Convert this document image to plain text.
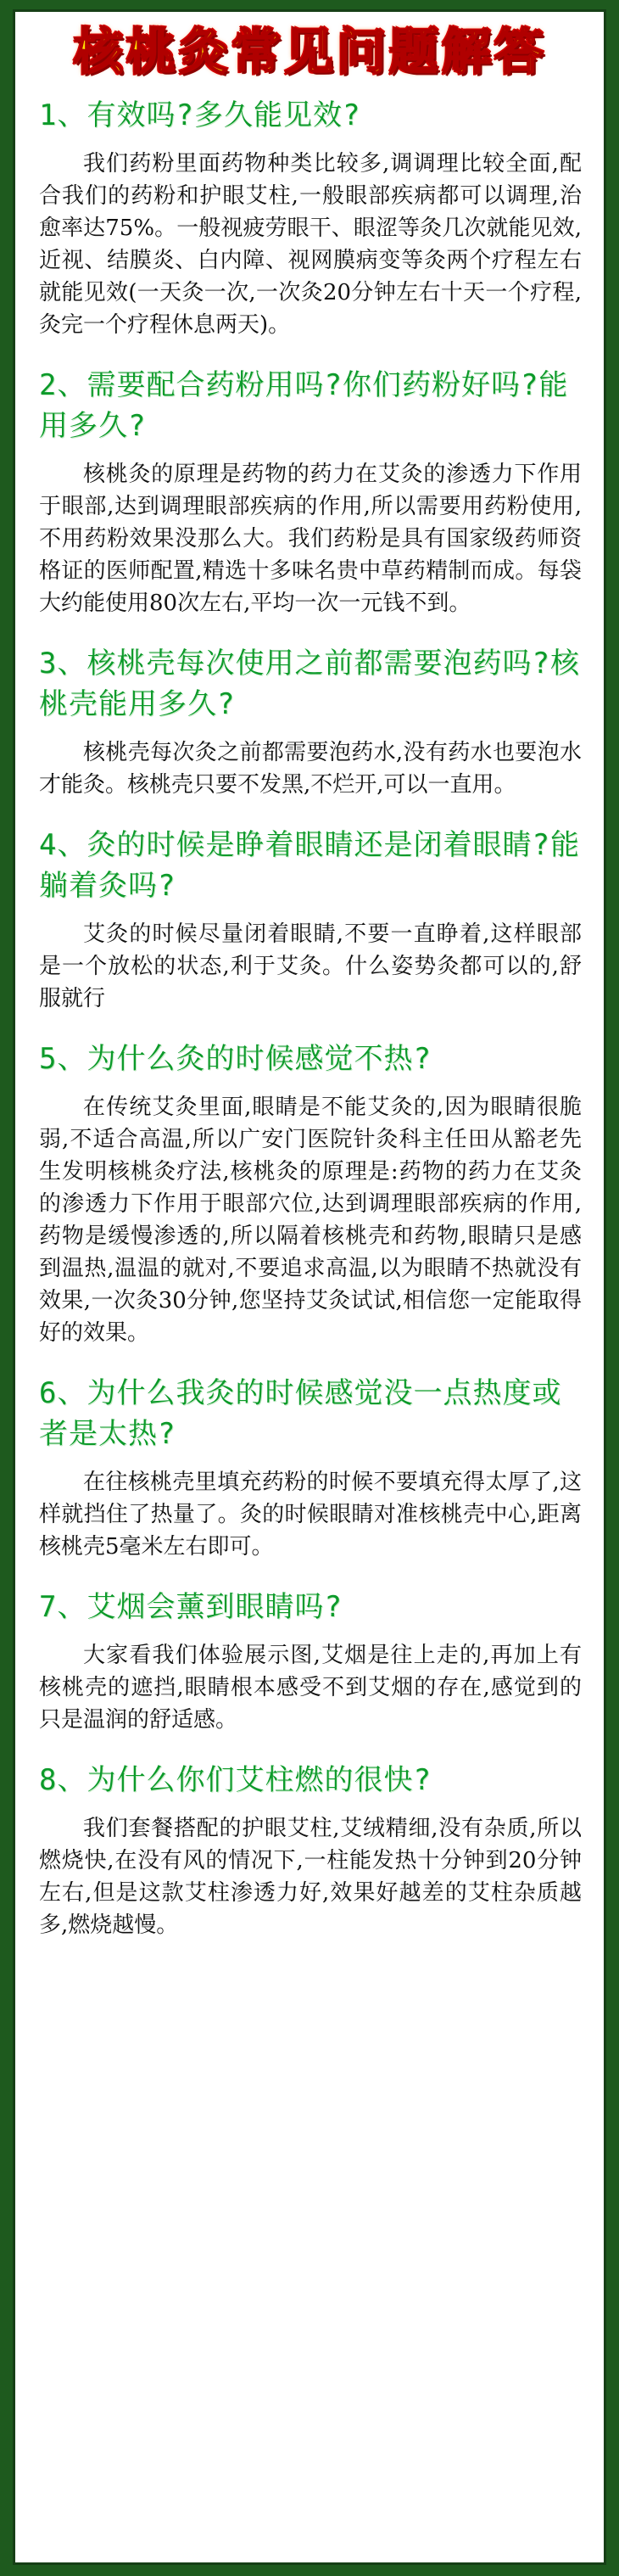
核桃灸常见问题解答
1、有效吗?多久能见效?

我们药粉里面药物种类比较多,调调理比较全面,配合我们的药粉和护眼艾柱,一般眼部疾病都可以调理,治愈率达75%。一般视疲劳眼干、眼涩等灸几次就能见效,近视、结膜炎、白内障、视网膜病变等灸两个疗程左右就能见效(一天灸一次,一次灸20分钟左右十天一个疗程,灸完一个疗程休息两天)。

2、需要配合药粉用吗?你们药粉好吗?能用多久?

核桃灸的原理是药物的药力在艾灸的渗透力下作用于眼部,达到调理眼部疾病的作用,所以需要用药粉使用,不用药粉效果没那么大。我们药粉是具有国家级药师资格证的医师配置,精选十多味名贵中草药精制而成。每袋大约能使用80次左右,平均一次一元钱不到。

3、核桃壳每次使用之前都需要泡药吗?核桃壳能用多久?

核桃壳每次灸之前都需要泡药水,没有药水也要泡水才能灸。核桃壳只要不发黑,不烂开,可以一直用。

4、灸的时候是睁着眼睛还是闭着眼睛?能躺着灸吗?

艾灸的时候尽量闭着眼睛,不要一直睁着,这样眼部是一个放松的状态,利于艾灸。什么姿势灸都可以的,舒服就行

5、为什么灸的时候感觉不热?

在传统艾灸里面,眼睛是不能艾灸的,因为眼睛很脆弱,不适合高温,所以广安门医院针灸科主任田从豁老先生发明核桃灸疗法,核桃灸的原理是:药物的药力在艾灸的渗透力下作用于眼部穴位,达到调理眼部疾病的作用,药物是缓慢渗透的,所以隔着核桃壳和药物,眼睛只是感到温热,温温的就对,不要追求高温,以为眼睛不热就没有效果,一次灸30分钟,您坚持艾灸试试,相信您一定能取得好的效果。

6、为什么我灸的时候感觉没一点热度或者是太热?

在往核桃壳里填充药粉的时候不要填充得太厚了,这样就挡住了热量了。灸的时候眼睛对准核桃壳中心,距离核桃壳5毫米左右即可。

7、艾烟会薰到眼睛吗?

大家看我们体验展示图,艾烟是往上走的,再加上有核桃壳的遮挡,眼睛根本感受不到艾烟的存在,感觉到的只是温润的舒适感。

8、为什么你们艾柱燃的很快?

我们套餐搭配的护眼艾柱,艾绒精细,没有杂质,所以燃烧快,在没有风的情况下,一柱能发热十分钟到20分钟左右,但是这款艾柱渗透力好,效果好越差的艾柱杂质越多,燃烧越慢。
